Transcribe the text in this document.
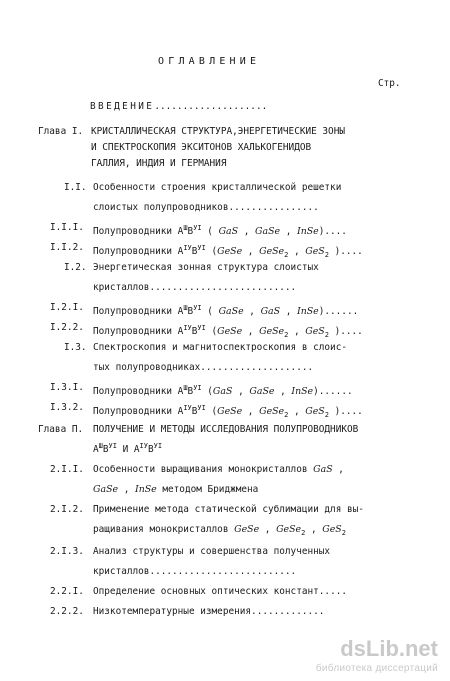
ОГЛАВЛЕНИЕ
Стр.
ВВЕДЕНИЕ....................
Глава I. КРИСТАЛЛИЧЕСКАЯ СТРУКТУРА,ЭНЕРГЕТИЧЕСКИЕ ЗОНЫ
И СПЕКТРОСКОПИЯ ЭКСИТОНОВ ХАЛЬКОГЕНИДОВ
ГАЛЛИЯ, ИНДИЯ И ГЕРМАНИЯ
I.I. Особенности строения кристаллической решетки
слоистых полупроводников................
I.I.I. Полупроводники $А^ШВ^{УI}$ ( GaS , GaSe , InSe)....
I.I.2. Полупроводники $А^{IУ}В^{УI}$ (GeSe , GeSe$_2$ , GeS$_2$ )....
I.2. Энергетическая зонная структура слоистых
кристаллов..........................
I.2.I. Полупроводники $А^ШВ^{УI}$ ( GaSe , GaS , InSe)......
I.2.2. Полупроводники $А^{IУ}В^{УI}$ (GeSe , GeSe$_2$ , GeS$_2$ )....
I.3. Спектроскопия и магнитоспектроскопия в слоис-
тых полупроводниках....................
I.3.I. Полупроводники $А^ШВ^{УI}$ (GaS , GaSe , InSe)......
I.3.2. Полупроводники $А^{IУ}В^{УI}$ (GeSe , GeSe$_2$ , GeS$_2$ )....
Глава П. ПОЛУЧЕНИЕ И МЕТОДЫ ИССЛЕДОВАНИЯ ПОЛУПРОВОДНИКОВ
$А^ШВ^{УI}$ И $А^{IУ}В^{УI}$
2.I.I. Особенности выращивания монокристаллов GaS ,
GaSe , InSe методом Бриджмена
2.I.2. Применение метода статической сублимации для вы-
ращивания монокристаллов GeSe , GeSe$_2$ , GeS$_2$
2.I.3. Анализ структуры и совершенства полученных
кристаллов..........................
2.2.I. Определение основных оптических констант.....
2.2.2. Низкотемпературные измерения.............
dsLib.net
библиотека диссертаций
